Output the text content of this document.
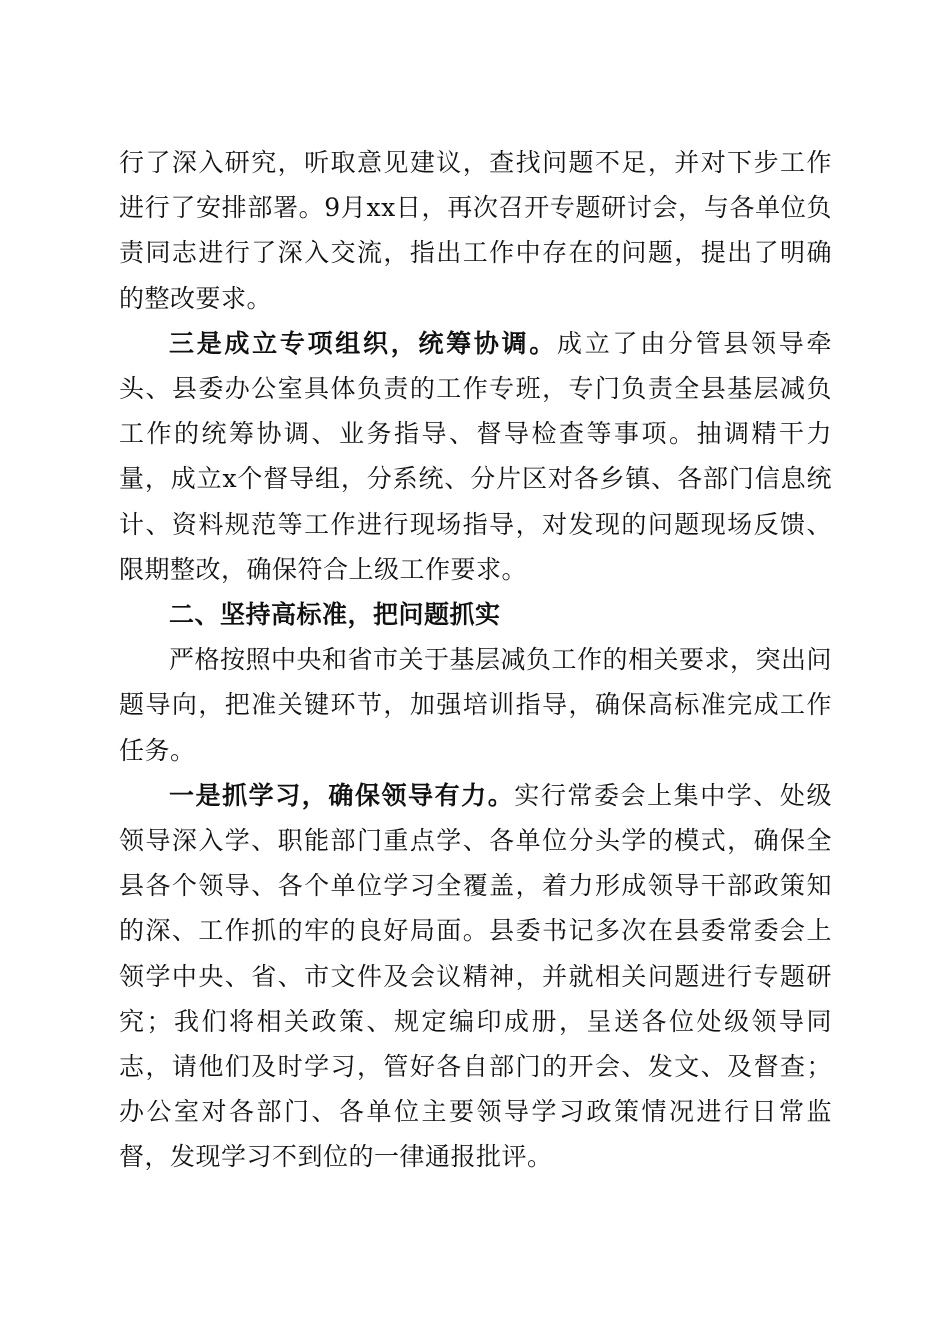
行了深入研究，听取意见建议，查找问题不足，并对下步工作进行了安排部署。9月xx日，再次召开专题研讨会，与各单位负责同志进行了深入交流，指出工作中存在的问题，提出了明确的整改要求。

三是成立专项组织，统筹协调。成立了由分管县领导牵头、县委办公室具体负责的工作专班，专门负责全县基层减负工作的统筹协调、业务指导、督导检查等事项。抽调精干力量，成立x个督导组，分系统、分片区对各乡镇、各部门信息统计、资料规范等工作进行现场指导，对发现的问题现场反馈、限期整改，确保符合上级工作要求。

二、坚持高标准，把问题抓实

严格按照中央和省市关于基层减负工作的相关要求，突出问题导向，把准关键环节，加强培训指导，确保高标准完成工作任务。

一是抓学习，确保领导有力。实行常委会上集中学、处级领导深入学、职能部门重点学、各单位分头学的模式，确保全县各个领导、各个单位学习全覆盖，着力形成领导干部政策知的深、工作抓的牢的良好局面。县委书记多次在县委常委会上领学中央、省、市文件及会议精神，并就相关问题进行专题研究；我们将相关政策、规定编印成册，呈送各位处级领导同志，请他们及时学习，管好各自部门的开会、发文、及督查；办公室对各部门、各单位主要领导学习政策情况进行日常监督，发现学习不到位的一律通报批评。
